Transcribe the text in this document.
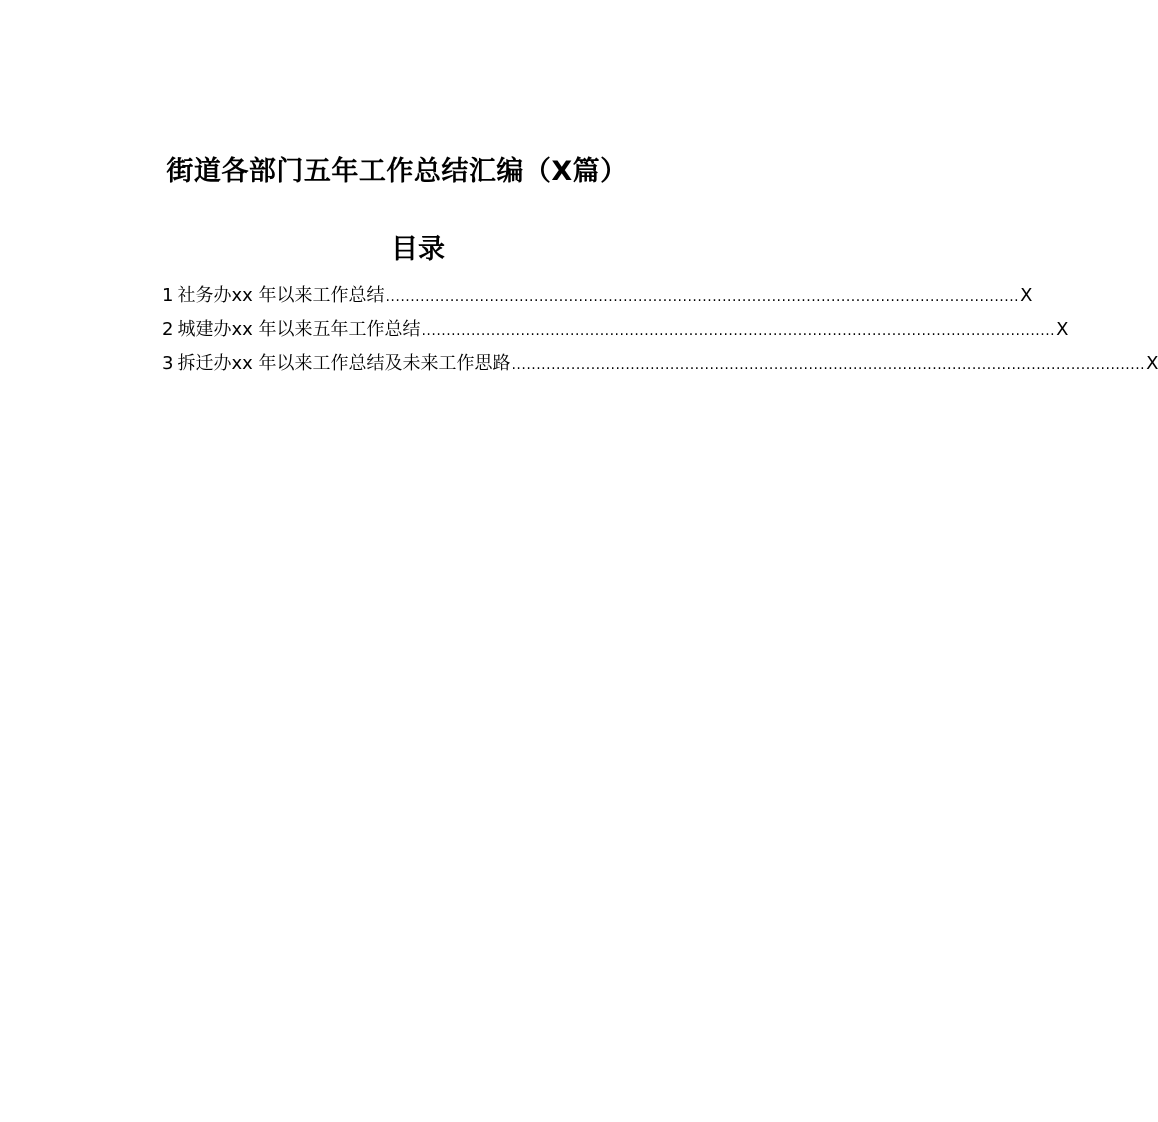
街道各部门五年工作总结汇编（X篇）
目录
1 社务办xx 年以来工作总结 ................................................................................................................................ X
2 城建办xx 年以来五年工作总结 ................................................................................................................................ X
3 拆迁办xx 年以来工作总结及未来工作思路 ................................................................................................................................ X
